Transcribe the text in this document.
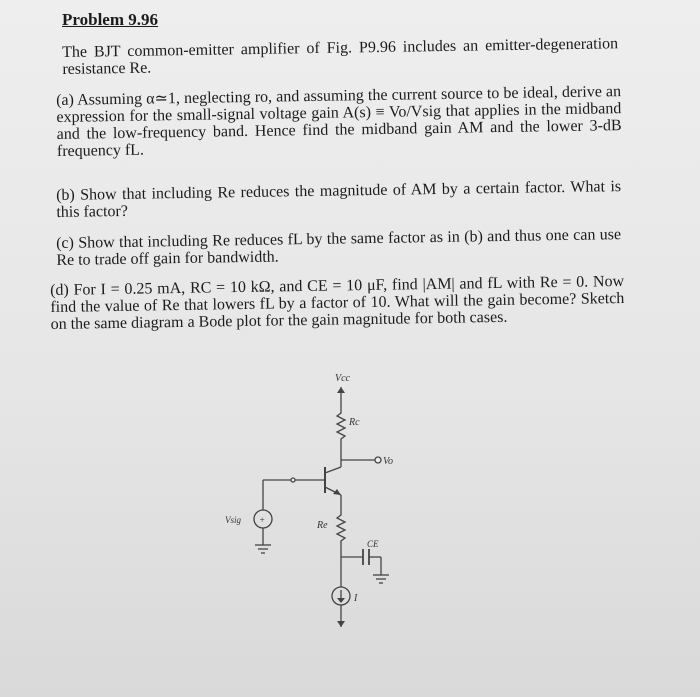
Problem 9.96
The BJT common-emitter amplifier of Fig. P9.96 includes an emitter-degeneration resistance Re.
(a) Assuming α≃1, neglecting ro, and assuming the current source to be ideal, derive an expression for the small-signal voltage gain A(s) ≡ Vo/Vsig that applies in the midband and the low-frequency band. Hence find the midband gain AM and the lower 3-dB frequency fL.
(b) Show that including Re reduces the magnitude of AM by a certain factor. What is this factor?
(c) Show that including Re reduces fL by the same factor as in (b) and thus one can use Re to trade off gain for bandwidth.
(d) For I = 0.25 mA, RC = 10 kΩ, and CE = 10 μF, find |AM| and fL with Re = 0. Now find the value of Re that lowers fL by a factor of 10. What will the gain become? Sketch on the same diagram a Bode plot for the gain magnitude for both cases.
Vcc
Rc
Vo
+
Vsig	Re
CE
I
